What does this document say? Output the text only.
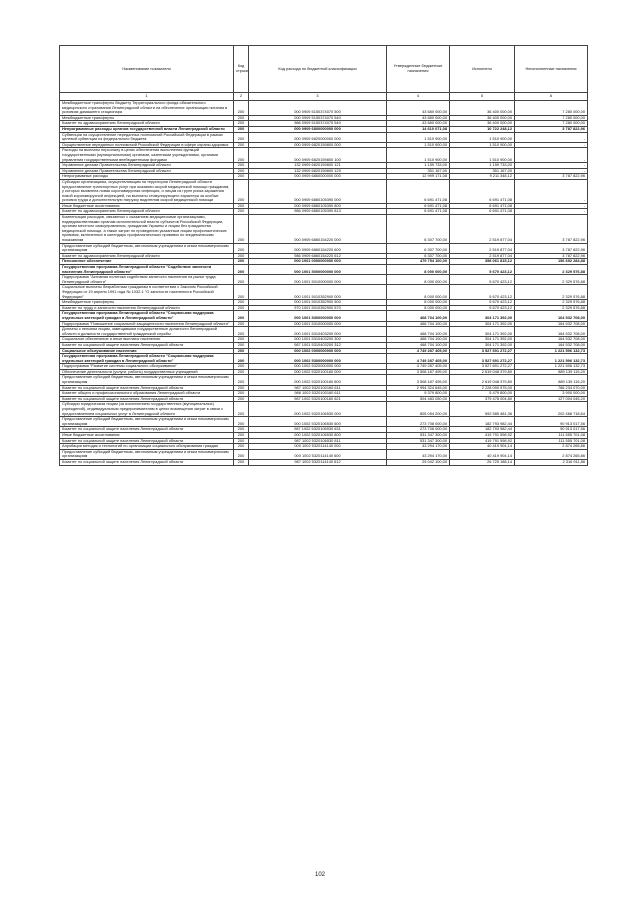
Наименование показателя	Код строки	Код расхода по бюджетной классификации	Утвержденные бюджетные назначения	Исполнено	Неисполненные назначения
1	2	3	4	5	6
Межбюджетные трансферты бюджету Территориального фонда обязательного медицинского страхования Ленинградской области на обеспечение организации питания в условиях домашнего стационара	200	000 0909 5150374070 500	43 680 000,00	36 400 000,00	7 280 000,00
Межбюджетные трансферты	200	000 0909 5150374070 540	43 680 000,00	36 400 000,00	7 280 000,00
Комитет по здравоохранению Ленинградской области	200	986 0909 5150374070 540	43 680 000,00	36 400 000,00	7 280 000,00
Непрограммные расходы органов государственной власти Ленинградской области	200	000 0909 6800000000 000	14 610 071,08	10 722 248,12	3 787 822,96
Субвенции на осуществление переданных полномочий Российской Федерации в рамках целевой субвенции из федерального бюджета	200	000 0909 6820000000 000	1 510 900,00	1 510 900,00	-
Осуществление переданных полномочий Российской Федерации в сфере охраны здоровья	200	000 0909 6820159800 000	1 510 900,00	1 510 900,00	-
Расходы на выплаты персоналу в целях обеспечения выполнения функций государственными (муниципальными) органами, казенными учреждениями, органами управления государственными внебюджетными фондами	200	000 0909 6820159800 100	1 510 900,00	1 510 900,00	-
Управление делами Правительства Ленинградской области	200	132 0909 6820159800 121	1 159 733,00	1 159 733,00	-
Управление делами Правительства Ленинградской области	200	132 0909 6820159800 129	351 167,00	351 167,00	-
Непрограммные расходы	200	000 0909 6860000000 000	12 999 171,08	9 211 348,12	3 787 822,96
Субсидии организациям, осуществляющим на территории Ленинградской области предоставление транспортных услуг при оказании скорой медицинской помощи гражданам, у которых выявлена новая коронавирусная инфекция, и лицам из групп риска заражения новой коронавирусной инфекцией, на выплаты стимулирующего характера за особые условия труда и дополнительную нагрузку водителям скорой медицинской помощи	200	000 0909 6860105390 000	6 691 471,08	6 691 471,08	-
Иные бюджетные ассигнования	200	000 0909 6860105390 800	6 691 471,08	6 691 471,08	-
Комитет по здравоохранению Ленинградской области	200	986 0909 6860105390 813	6 691 471,08	6 691 471,08	-
Компенсация расходов, связанных с оказанием медицинскими организациями, подведомственными органам исполнительной власти субъектов Российской Федерации, органам местного самоуправления, гражданам Украины и лицам без гражданства медицинской помощи, а также затрат по проведению указанным лицам профилактических прививок, включенных в календарь профилактических прививок по эпидемическим показаниям	200	000 0909 6860154220 000	6 307 700,00	2 519 877,04	3 787 822,96
Предоставление субсидий бюджетным, автономным учреждениям и иным некоммерческим организациям	200	000 0909 6860154220 600	6 307 700,00	2 519 877,04	3 787 822,96
Комитет по здравоохранению Ленинградской области	200	986 0909 6860154220 612	6 307 700,00	2 519 877,04	3 787 822,96
Пенсионное обеспечение	200	000 1001 0000000000 000	479 754 100,00	358 061 815,12	156 692 284,88
Государственная программа Ленинградской области "Содействие занятости населения Ленинградской области"	200	000 1001 5000000000 000	8 000 000,00	5 670 423,12	2 329 576,88
Подпрограмма "Активная политика содействия занятости населения на рынке труда Ленинградской области"	200	000 1001 5010000000 000	8 000 000,00	5 670 423,12	2 329 576,88
Социальные выплаты безработным гражданам в соответствии с Законом Российской Федерации от 19 апреля 1991 года № 1032-1 "О занятости населения в Российской Федерации"	200	000 1001 5010352900 000	8 000 000,00	5 670 423,12	2 329 576,88
Межбюджетные трансферты	200	000 1001 5010352900 500	8 000 000,00	5 670 423,12	2 329 576,88
Комитет по труду и занятости населения Ленинградской области	200	970 1001 5010352900 570	8 000 000,00	5 670 423,12	2 329 576,88
Государственная программа Ленинградской области "Социальная поддержка отдельных категорий граждан в Ленинградской области"	200	000 1001 5300000000 000	468 704 100,00	304 171 392,00	164 532 708,00
Подпрограмма "Повышение социальной защищенности населения Ленинградской области"	200	000 1001 5310000000 000	468 704 100,00	304 171 392,00	164 532 708,00
Доплаты к пенсиям лицам, замещавшим государственные должности Ленинградской области и должности государственной гражданской службы	200	000 1001 5310403200 000	468 704 100,00	304 171 392,00	164 532 708,00
Социальное обеспечение и иные выплаты населению	200	000 1001 5310403200 300	468 704 100,00	304 171 392,00	164 532 708,00
Комитет по социальной защите населения Ленинградской области	200	987 1001 5310403200 312	468 704 100,00	304 171 392,00	164 532 708,00
Социальное обслуживание населения	200	000 1002 0000000000 000	4 749 287 405,00	3 527 691 272,27	1 221 596 132,73
Государственная программа Ленинградской области "Социальная поддержка отдельных категорий граждан в Ленинградской области"	200	000 1002 5300000000 000	4 749 287 405,00	3 527 691 272,27	1 221 596 132,73
Подпрограмма "Развитие системы социального обслуживания"	200	000 1002 5320000000 000	4 749 287 405,00	3 527 691 272,27	1 221 596 132,73
Обеспечение деятельности (услуги, работы) государственных учреждений	200	000 1002 5320100160 000	3 508 187 495,00	2 619 048 379,80	889 139 115,20
Предоставление субсидий бюджетным, автономным учреждениям и иным некоммерческим организациям	200	000 1002 5320100160 600	3 508 187 495,00	2 619 048 379,80	889 139 115,20
Комитет по социальной защите населения Ленинградской области	200	987 1002 5320100160 611	2 994 324 645,00	2 228 090 575,00	766 234 070,00
Комитет общего и профессионального образования Ленинградской области	200	986 1002 5320100160 611	9 379 800,00	5 479 800,00	3 900 000,00
Комитет по социальной защите населения Ленинградской области	200	987 1002 5320100160 621	504 483 050,00	379 478 004,80	127 004 045,20
Субсидии юридическим лицам (за исключением государственных (муниципальных) учреждений), индивидуальным предпринимателям в целях возмещения затрат в связи с предоставлением социальных услуг в Ленинградской области	200	000 1002 5320106530 000	805 054 200,00	592 585 481,36	202 468 718,64
Предоставление субсидий бюджетным, автономным учреждениям и иным некоммерческим организациям	200	000 1002 5320106530 600	273 708 000,00	182 793 982,44	90 913 017,56
Комитет по социальной защите населения Ленинградской области	200	987 1002 5320106530 631	273 708 000,00	182 793 982,44	90 913 017,56
Иные бюджетные ассигнования	200	000 1002 5320106530 800	531 347 300,00	419 791 598,92	111 555 701,08
Комитет по социальной защите населения Ленинградской области	200	987 1002 5320106530 811	531 347 300,00	419 791 598,92	111 555 701,08
Апробация методик и технологий по организации социального обслуживания граждан	200	000 1002 5320114140 000	43 294 170,00	40 419 904,14	2 874 265,86
Предоставление субсидий бюджетным, автономным учреждениям и иным некоммерческим организациям	200	000 1002 5320114140 600	43 294 170,00	40 419 904,14	2 874 265,86
Комитет по социальной защите населения Ленинградской области	200	987 1002 5320114140 612	29 042 100,00	26 725 188,14	2 316 911,86
102
